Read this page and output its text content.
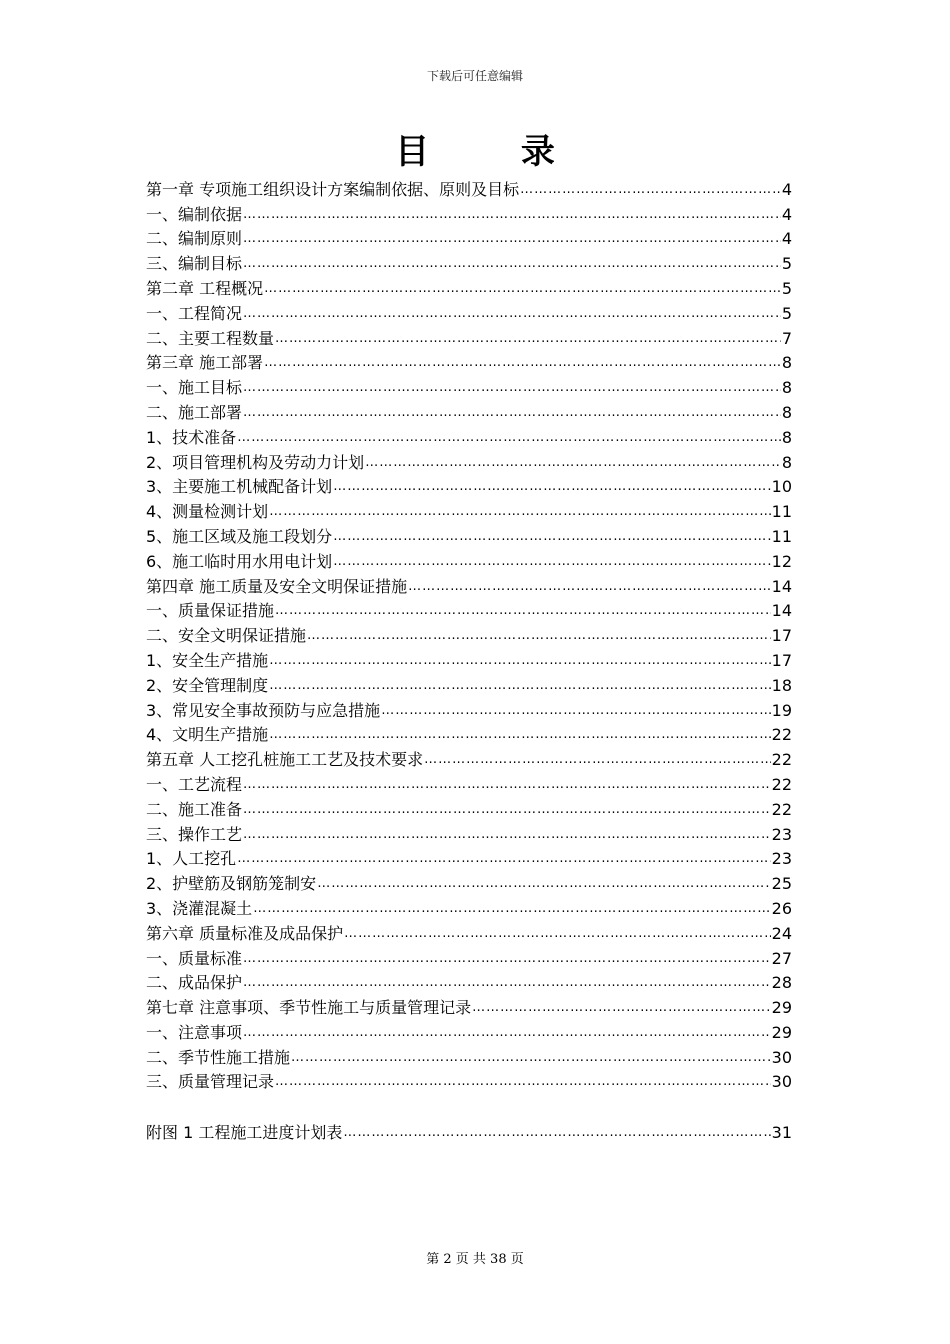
下载后可任意编辑
目 录
第一章 专项施工组织设计方案编制依据、原则及目标 ……………………………………………………………………………………………………………………………………………………………………………	4
一、编制依据 ……………………………………………………………………………………………………………………………………………………………………………	4
二、编制原则 ……………………………………………………………………………………………………………………………………………………………………………	4
三、编制目标 ……………………………………………………………………………………………………………………………………………………………………………	5
第二章 工程概况 ……………………………………………………………………………………………………………………………………………………………………………	5
一、工程简况 ……………………………………………………………………………………………………………………………………………………………………………	5
二、主要工程数量 ……………………………………………………………………………………………………………………………………………………………………………	7
第三章 施工部署 ……………………………………………………………………………………………………………………………………………………………………………	8
一、施工目标 ……………………………………………………………………………………………………………………………………………………………………………	8
二、施工部署 ……………………………………………………………………………………………………………………………………………………………………………	8
1、技术准备 ……………………………………………………………………………………………………………………………………………………………………………	8
2、项目管理机构及劳动力计划 ……………………………………………………………………………………………………………………………………………………………………………	8
3、主要施工机械配备计划 ……………………………………………………………………………………………………………………………………………………………………………	10
4、测量检测计划 ……………………………………………………………………………………………………………………………………………………………………………	11
5、施工区域及施工段划分 ……………………………………………………………………………………………………………………………………………………………………………	11
6、施工临时用水用电计划 ……………………………………………………………………………………………………………………………………………………………………………	12
第四章 施工质量及安全文明保证措施 ……………………………………………………………………………………………………………………………………………………………………………	14
一、质量保证措施 ……………………………………………………………………………………………………………………………………………………………………………	14
二、安全文明保证措施 ……………………………………………………………………………………………………………………………………………………………………………	17
1、安全生产措施 ……………………………………………………………………………………………………………………………………………………………………………	17
2、安全管理制度 ……………………………………………………………………………………………………………………………………………………………………………	18
3、常见安全事故预防与应急措施 ……………………………………………………………………………………………………………………………………………………………………………	19
4、文明生产措施 ……………………………………………………………………………………………………………………………………………………………………………	22
第五章 人工挖孔桩施工工艺及技术要求 ……………………………………………………………………………………………………………………………………………………………………………	22
一、工艺流程 ……………………………………………………………………………………………………………………………………………………………………………	22
二、施工准备 ……………………………………………………………………………………………………………………………………………………………………………	22
三、操作工艺 ……………………………………………………………………………………………………………………………………………………………………………	23
1、人工挖孔 ……………………………………………………………………………………………………………………………………………………………………………	23
2、护壁筋及钢筋笼制安 ……………………………………………………………………………………………………………………………………………………………………………	25
3、浇灌混凝土 ……………………………………………………………………………………………………………………………………………………………………………	26
第六章 质量标准及成品保护 ……………………………………………………………………………………………………………………………………………………………………………	24
一、质量标准 ……………………………………………………………………………………………………………………………………………………………………………	27
二、成品保护 ……………………………………………………………………………………………………………………………………………………………………………	28
第七章 注意事项、季节性施工与质量管理记录 ……………………………………………………………………………………………………………………………………………………………………………	29
一、注意事项 ……………………………………………………………………………………………………………………………………………………………………………	29
二、季节性施工措施 ……………………………………………………………………………………………………………………………………………………………………………	30
三、质量管理记录 ……………………………………………………………………………………………………………………………………………………………………………	30
附图 1 工程施工进度计划表 ……………………………………………………………………………………………………………………………………………………………………………	31
第 2 页 共 38 页
